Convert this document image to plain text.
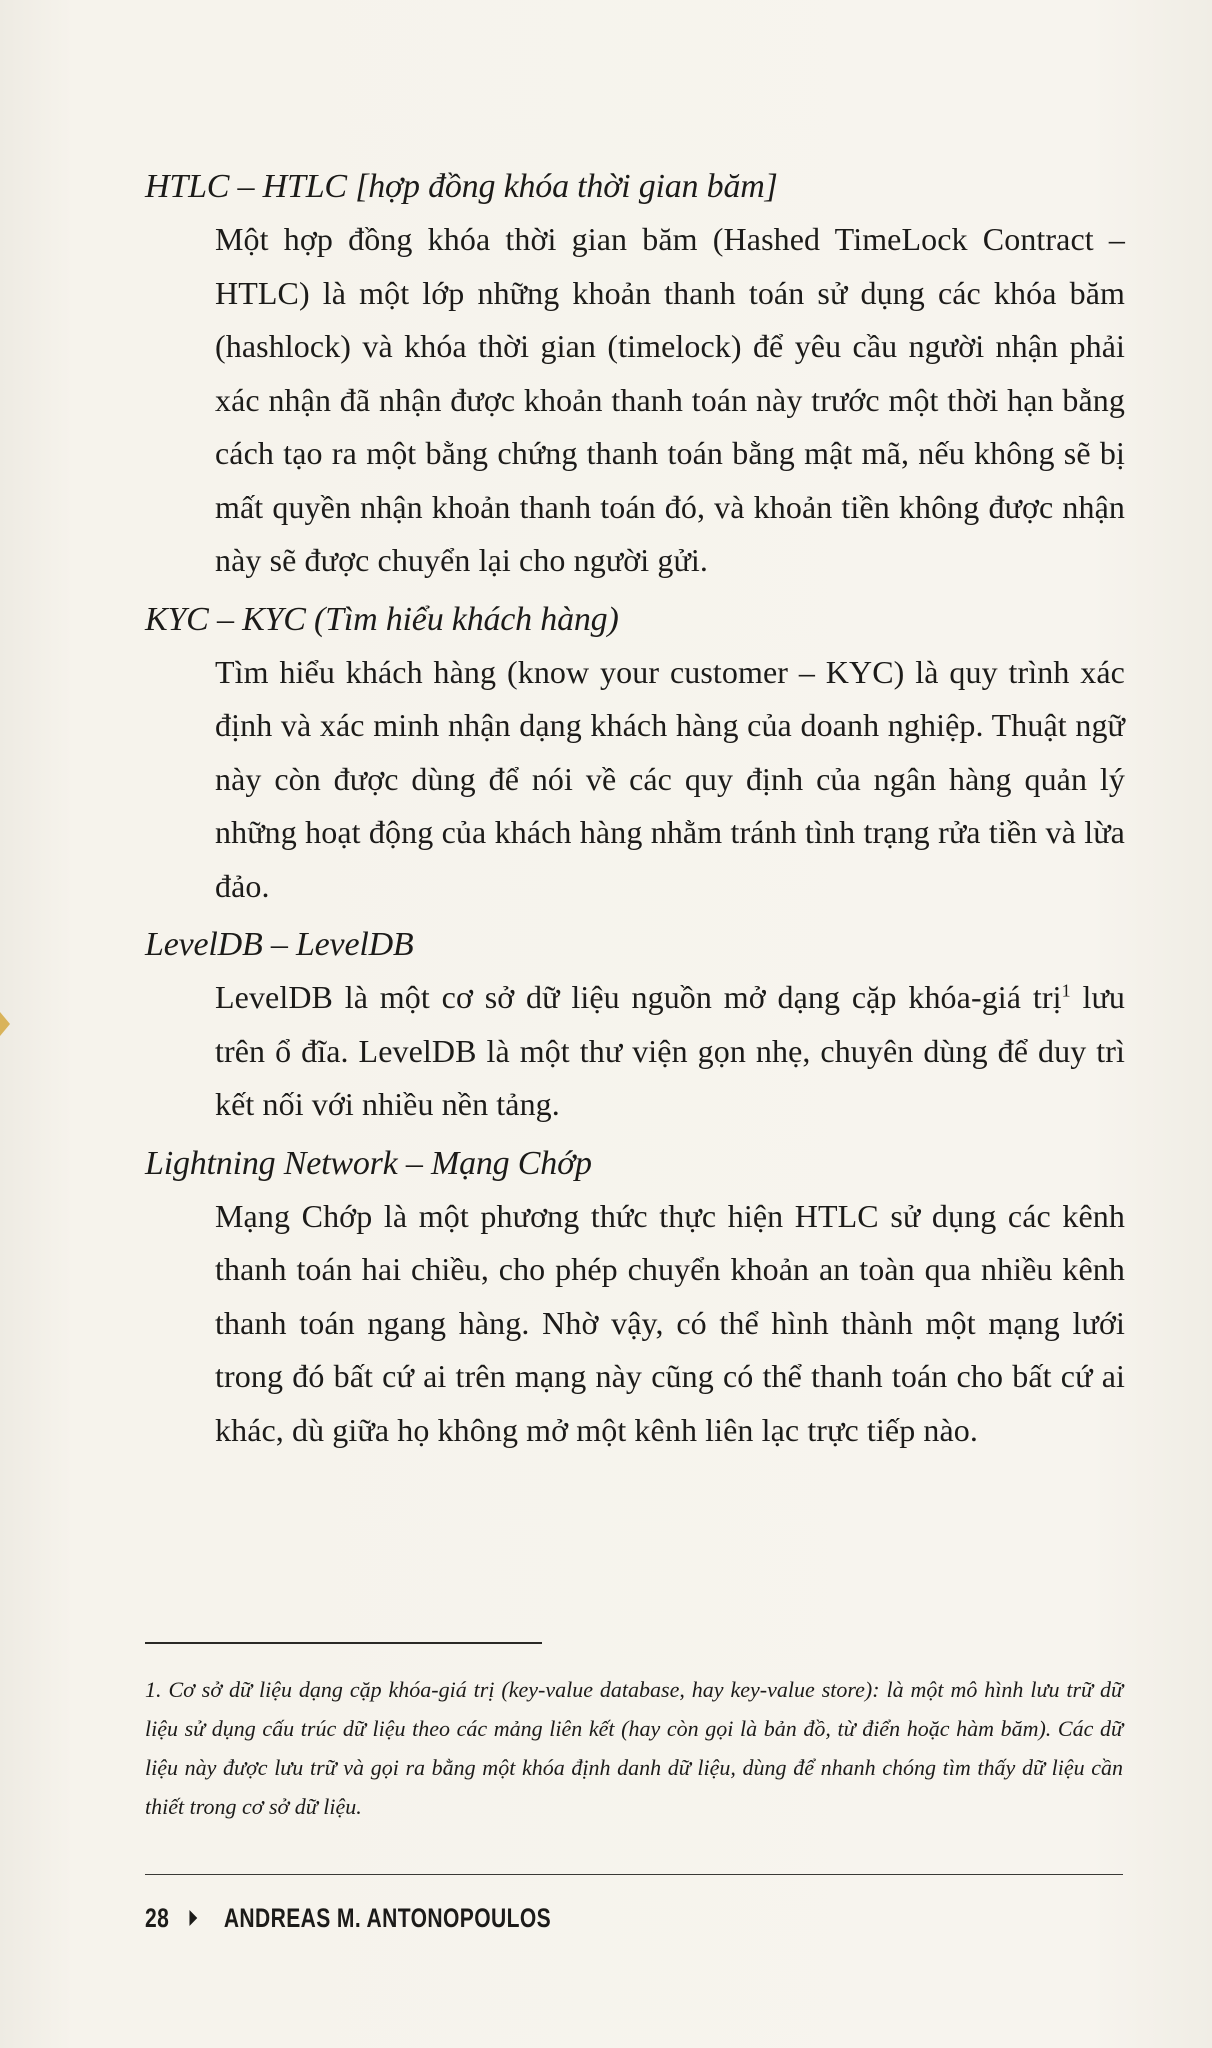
HTLC – HTLC [hợp đồng khóa thời gian băm]

Một hợp đồng khóa thời gian băm (Hashed TimeLock Contract – HTLC) là một lớp những khoản thanh toán sử dụng các khóa băm (hashlock) và khóa thời gian (timelock) để yêu cầu người nhận phải xác nhận đã nhận được khoản thanh toán này trước một thời hạn bằng cách tạo ra một bằng chứng thanh toán bằng mật mã, nếu không sẽ bị mất quyền nhận khoản thanh toán đó, và khoản tiền không được nhận này sẽ được chuyển lại cho người gửi.

KYC – KYC (Tìm hiểu khách hàng)

Tìm hiểu khách hàng (know your customer – KYC) là quy trình xác định và xác minh nhận dạng khách hàng của doanh nghiệp. Thuật ngữ này còn được dùng để nói về các quy định của ngân hàng quản lý những hoạt động của khách hàng nhằm tránh tình trạng rửa tiền và lừa đảo.

LevelDB – LevelDB

LevelDB là một cơ sở dữ liệu nguồn mở dạng cặp khóa-giá trị$^1$ lưu trên ổ đĩa. LevelDB là một thư viện gọn nhẹ, chuyên dùng để duy trì kết nối với nhiều nền tảng.

Lightning Network – Mạng Chớp

Mạng Chớp là một phương thức thực hiện HTLC sử dụng các kênh thanh toán hai chiều, cho phép chuyển khoản an toàn qua nhiều kênh thanh toán ngang hàng. Nhờ vậy, có thể hình thành một mạng lưới trong đó bất cứ ai trên mạng này cũng có thể thanh toán cho bất cứ ai khác, dù giữa họ không mở một kênh liên lạc trực tiếp nào.

1. Cơ sở dữ liệu dạng cặp khóa-giá trị (key-value database, hay key-value store): là một mô hình lưu trữ dữ liệu sử dụng cấu trúc dữ liệu theo các mảng liên kết (hay còn gọi là bản đồ, từ điển hoặc hàm băm). Các dữ liệu này được lưu trữ và gọi ra bằng một khóa định danh dữ liệu, dùng để nhanh chóng tìm thấy dữ liệu cần thiết trong cơ sở dữ liệu.
28 ANDREAS M. ANTONOPOULOS
